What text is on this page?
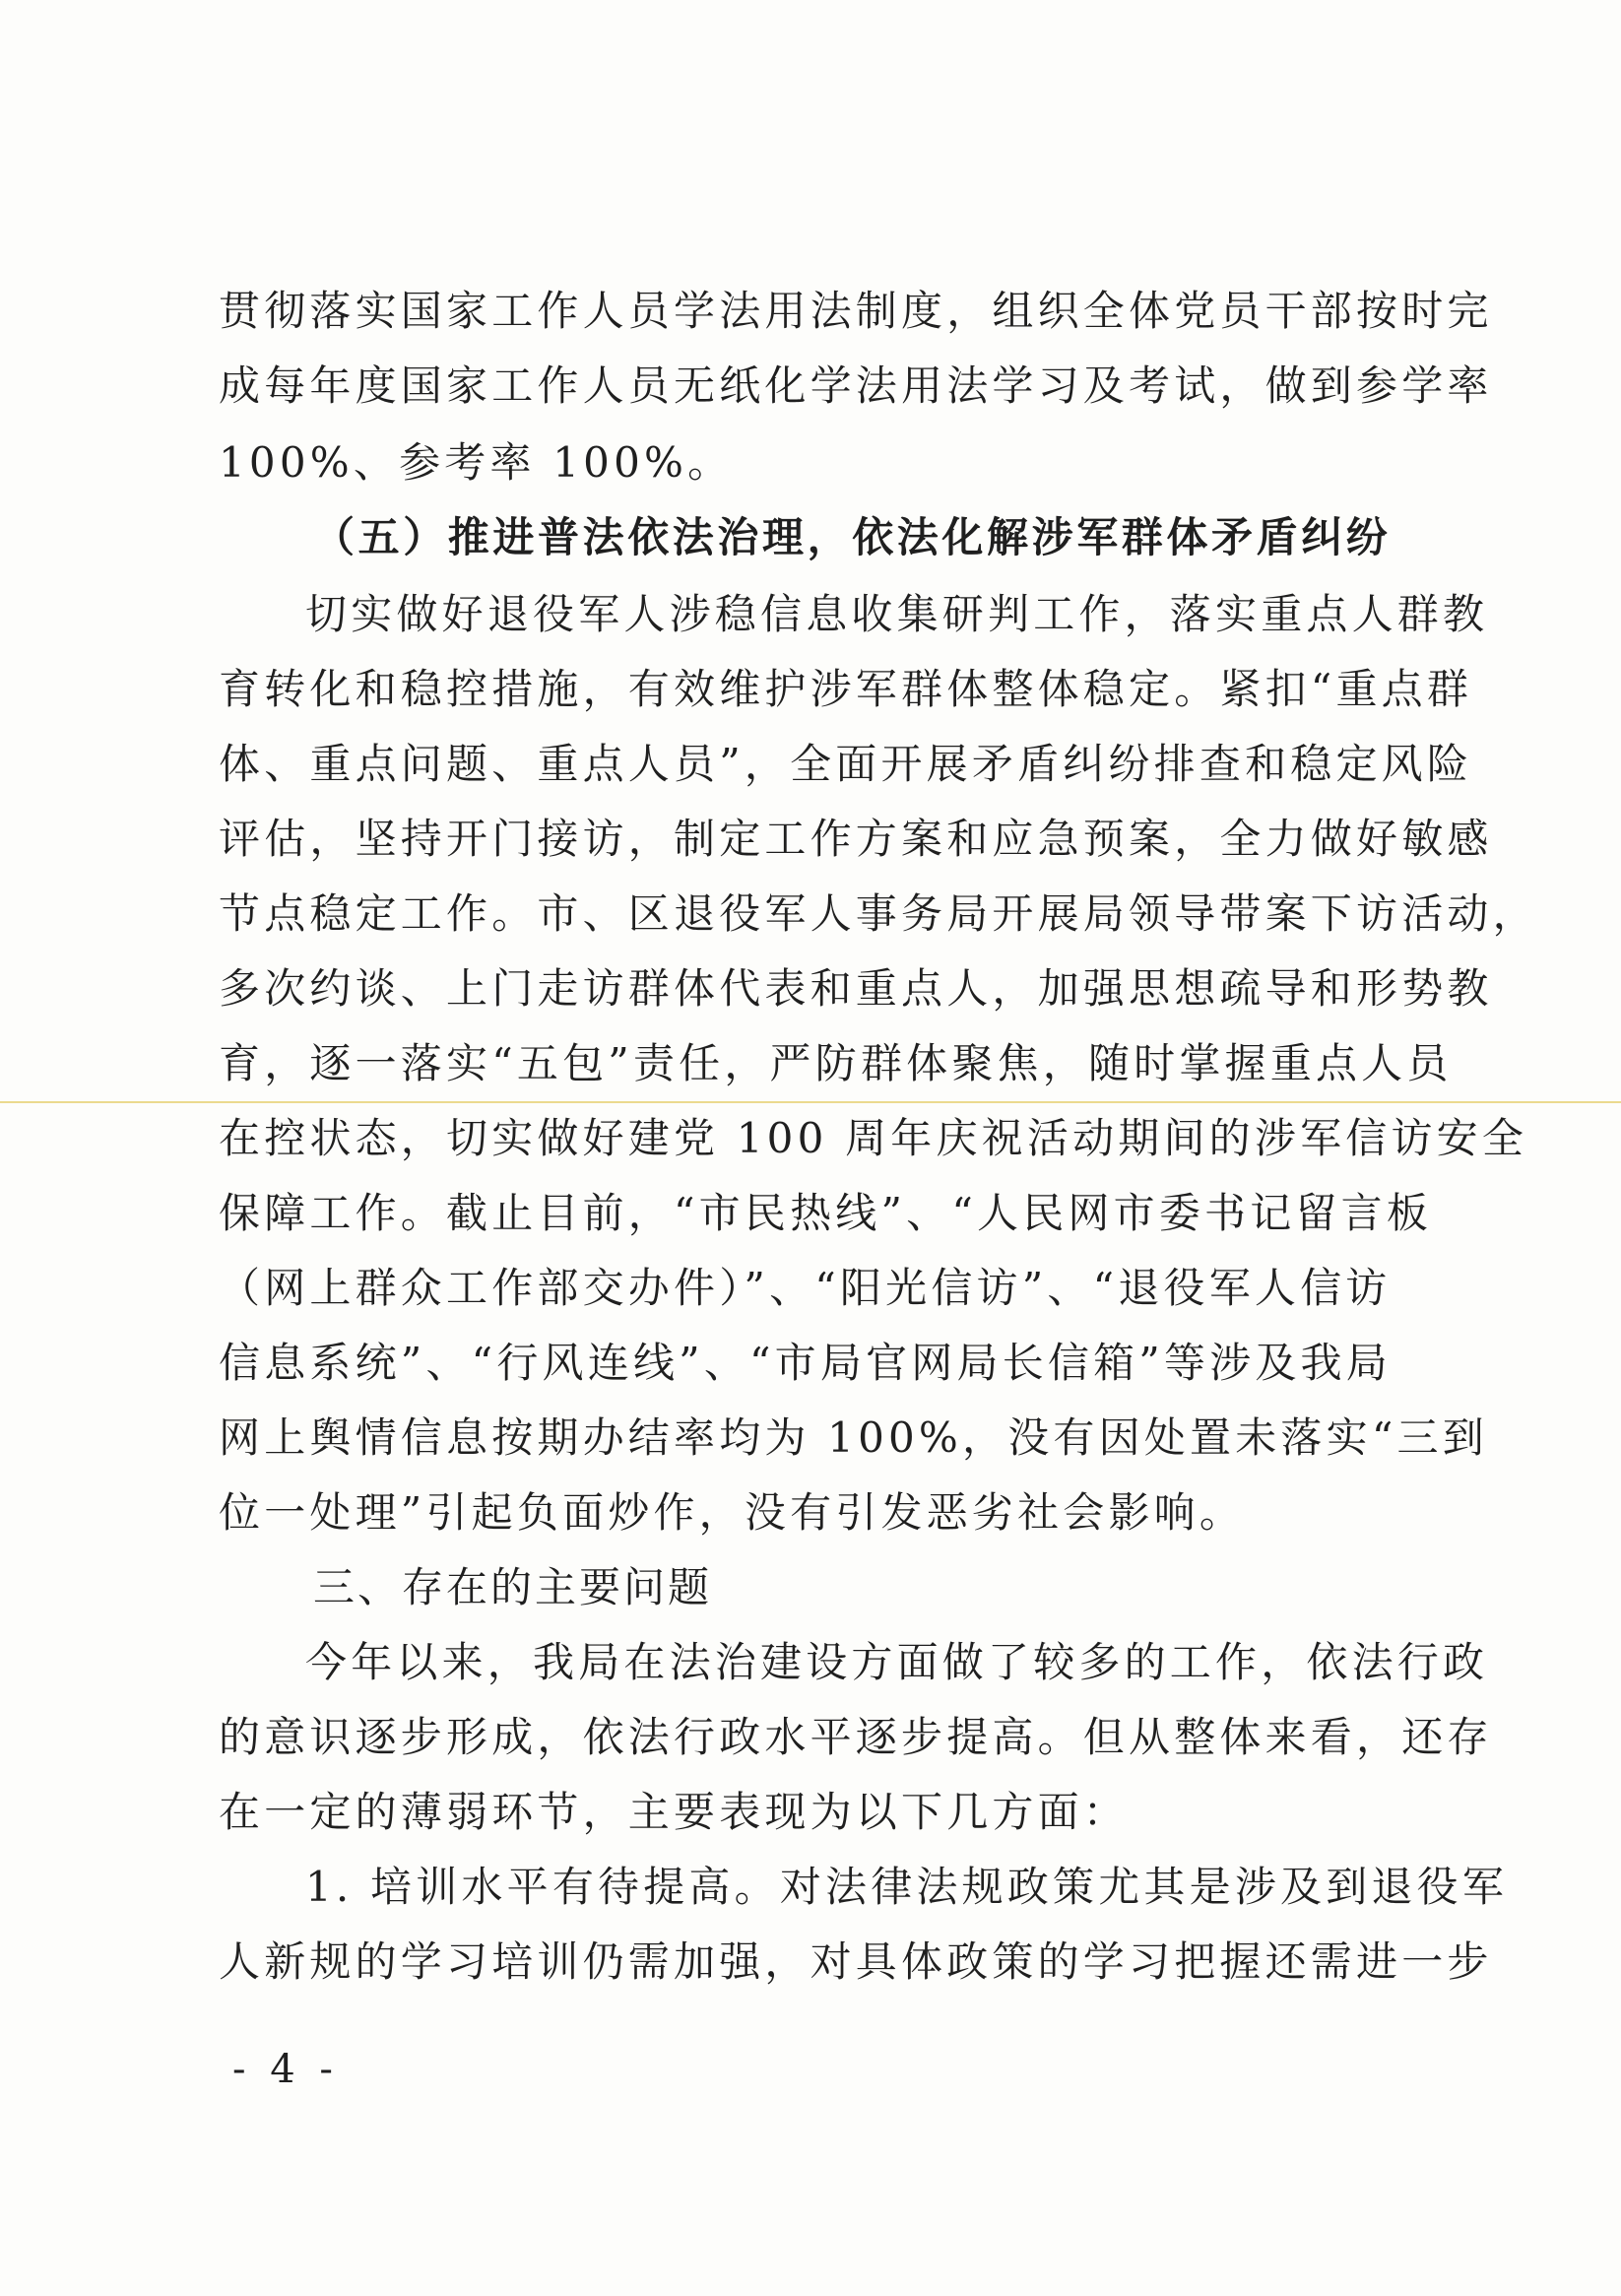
贯彻落实国家工作人员学法用法制度，组织全体党员干部按时完
成每年度国家工作人员无纸化学法用法学习及考试，做到参学率
100%、参考率 100%。
（五）推进普法依法治理，依法化解涉军群体矛盾纠纷
切实做好退役军人涉稳信息收集研判工作，落实重点人群教
育转化和稳控措施，有效维护涉军群体整体稳定。紧扣“重点群
体、重点问题、重点人员”，全面开展矛盾纠纷排查和稳定风险
评估，坚持开门接访，制定工作方案和应急预案，全力做好敏感
节点稳定工作。市、区退役军人事务局开展局领导带案下访活动，
多次约谈、上门走访群体代表和重点人，加强思想疏导和形势教
育，逐一落实“五包”责任，严防群体聚焦，随时掌握重点人员
在控状态，切实做好建党 100 周年庆祝活动期间的涉军信访安全
保障工作。截止目前，“市民热线”、“人民网市委书记留言板
（网上群众工作部交办件）”、“阳光信访”、“退役军人信访
信息系统”、“行风连线”、“市局官网局长信箱”等涉及我局
网上舆情信息按期办结率均为 100%，没有因处置未落实“三到
位一处理”引起负面炒作，没有引发恶劣社会影响。
三、存在的主要问题
今年以来，我局在法治建设方面做了较多的工作，依法行政
的意识逐步形成，依法行政水平逐步提高。但从整体来看，还存
在一定的薄弱环节，主要表现为以下几方面：
1. 培训水平有待提高。对法律法规政策尤其是涉及到退役军
人新规的学习培训仍需加强，对具体政策的学习把握还需进一步
- 4 -
